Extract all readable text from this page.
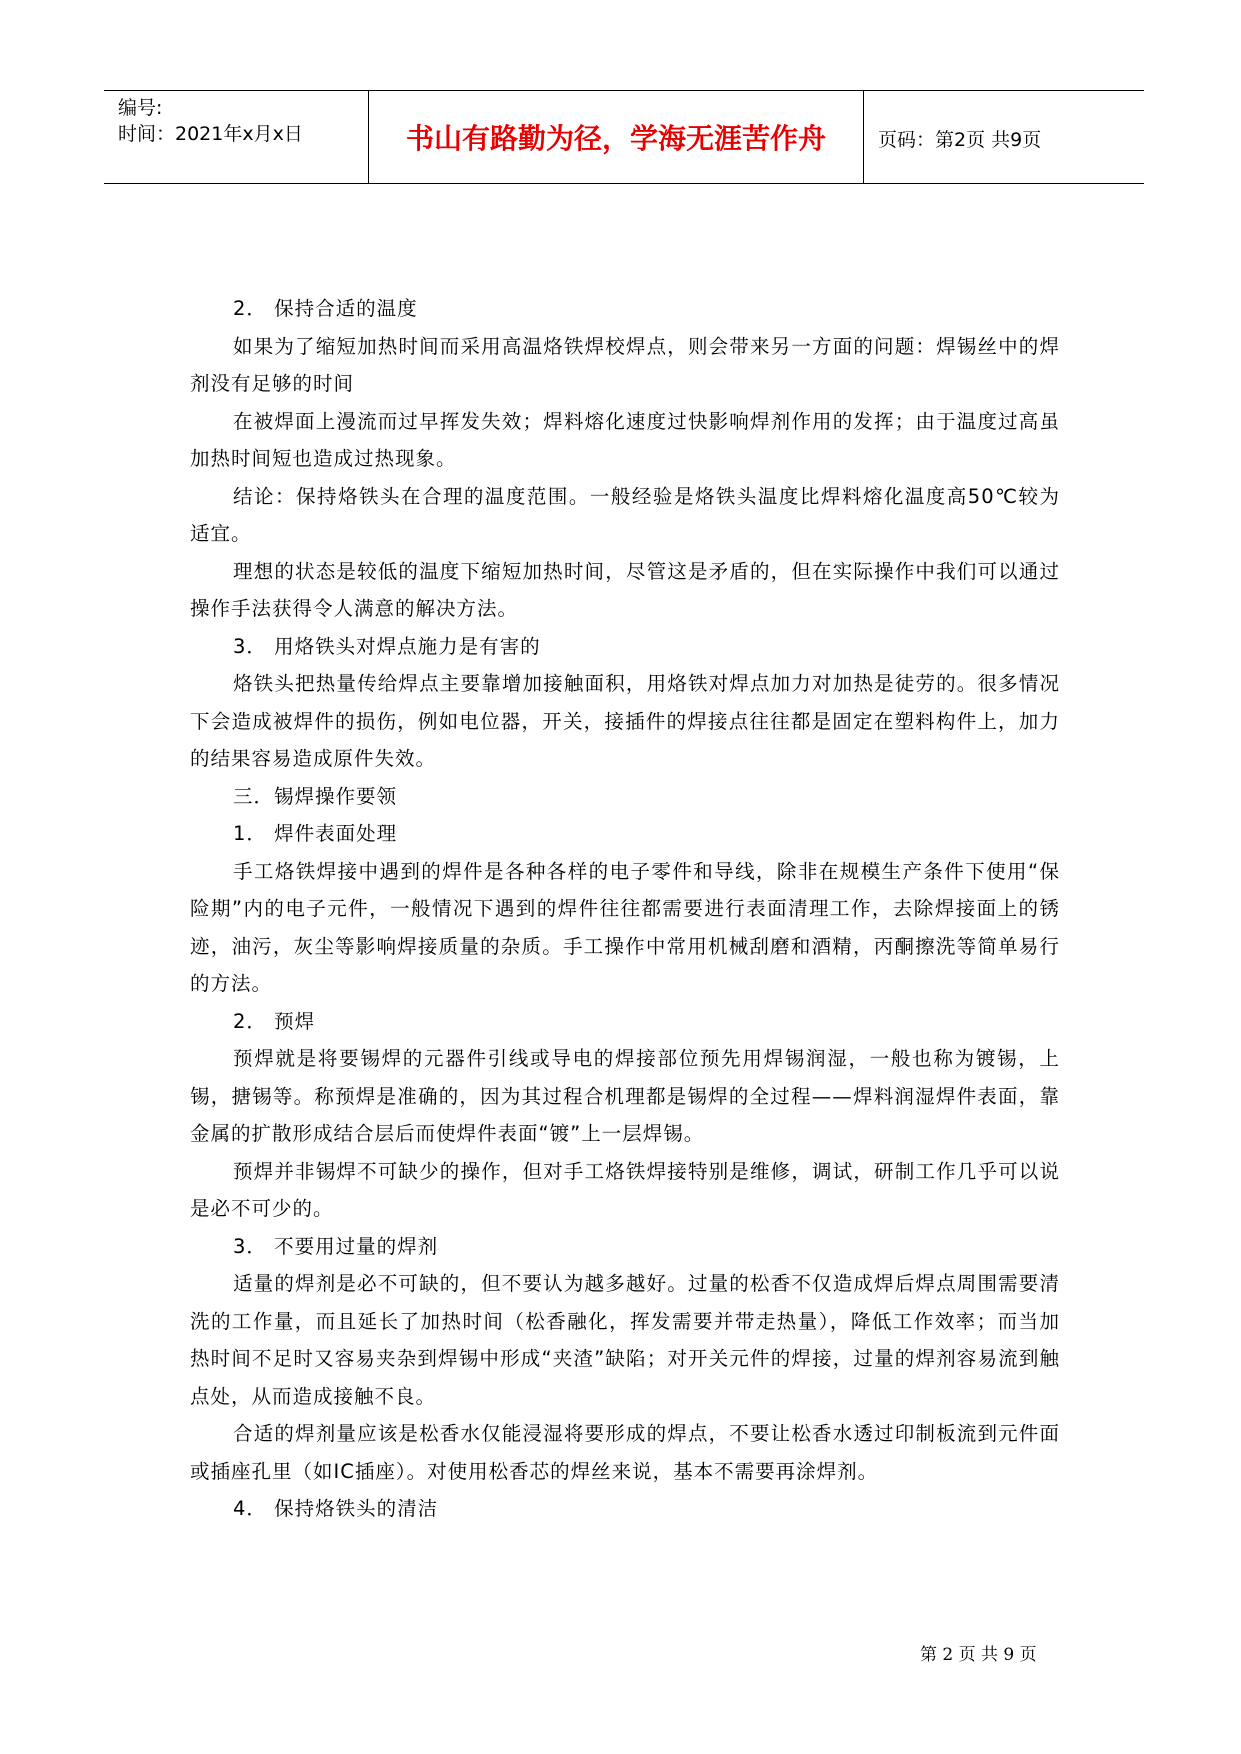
编号:
时间：2021年x月x日	书山有路勤为径，学海无涯苦作舟	页码：第2页 共9页

2． 保持合适的温度

如果为了缩短加热时间而采用高温烙铁焊校焊点，则会带来另一方面的问题：焊锡丝中的焊剂没有足够的时间

在被焊面上漫流而过早挥发失效；焊料熔化速度过快影响焊剂作用的发挥；由于温度过高虽加热时间短也造成过热现象。

结论：保持烙铁头在合理的温度范围。一般经验是烙铁头温度比焊料熔化温度高50℃较为适宜。

理想的状态是较低的温度下缩短加热时间，尽管这是矛盾的，但在实际操作中我们可以通过操作手法获得令人满意的解决方法。

3． 用烙铁头对焊点施力是有害的

烙铁头把热量传给焊点主要靠增加接触面积，用烙铁对焊点加力对加热是徒劳的。很多情况下会造成被焊件的损伤，例如电位器，开关，接插件的焊接点往往都是固定在塑料构件上，加力的结果容易造成原件失效。

三．锡焊操作要领

1． 焊件表面处理

手工烙铁焊接中遇到的焊件是各种各样的电子零件和导线，除非在规模生产条件下使用“保险期”内的电子元件，一般情况下遇到的焊件往往都需要进行表面清理工作，去除焊接面上的锈迹，油污，灰尘等影响焊接质量的杂质。手工操作中常用机械刮磨和酒精，丙酮擦洗等简单易行的方法。

2． 预焊

预焊就是将要锡焊的元器件引线或导电的焊接部位预先用焊锡润湿，一般也称为镀锡，上锡，搪锡等。称预焊是准确的，因为其过程合机理都是锡焊的全过程——焊料润湿焊件表面，靠金属的扩散形成结合层后而使焊件表面“镀”上一层焊锡。

预焊并非锡焊不可缺少的操作，但对手工烙铁焊接特别是维修，调试，研制工作几乎可以说是必不可少的。

3． 不要用过量的焊剂

适量的焊剂是必不可缺的，但不要认为越多越好。过量的松香不仅造成焊后焊点周围需要清洗的工作量，而且延长了加热时间（松香融化，挥发需要并带走热量），降低工作效率；而当加热时间不足时又容易夹杂到焊锡中形成“夹渣”缺陷；对开关元件的焊接，过量的焊剂容易流到触点处，从而造成接触不良。

合适的焊剂量应该是松香水仅能浸湿将要形成的焊点，不要让松香水透过印制板流到元件面或插座孔里（如IC插座）。对使用松香芯的焊丝来说，基本不需要再涂焊剂。

4． 保持烙铁头的清洁

第 2 页 共 9 页
